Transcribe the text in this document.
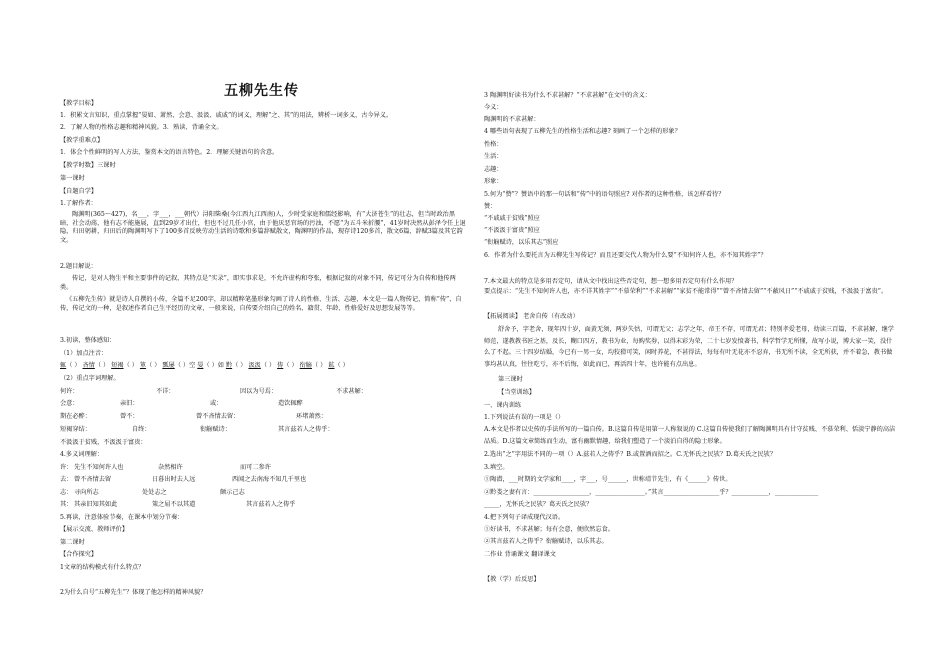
五柳先生传
【教学目标】
1．积累文言知识，重点掌握“晏如、萧然、会意、汲汲、戚戚”的词义，理解“之、其”的用法，辨析一词多义、古今异义。
2．了解人物的性格志趣和精神风貌。3．熟读、背诵全文。
【教学重难点】
1．体会个性鲜明的写人方法，鉴赏本文的语言特色。2．理解关键语句的含意。
【教学时数】三课时
第一课时
【自题自学】
1.了解作者：
陶渊明(365～427)，名___，字___，___朝代）浔阳柴桑(今江西九江西南)人，少时受家庭和儒经影响，有“大济苍生”的壮志，但当时政治黑暗，社会动荡，他有志不能施展，直到29岁才出仕，但也不过几任小官，由于他厌恶官场的污浊，不愿“为五斗米折腰”，41岁时决然从彭泽令任上退隐，归田躬耕，归田后的陶渊明写下了100多首反映劳动生活的诗歌和多篇辞赋散文，陶渊明的作品，现存诗120多首，散文6篇，辞赋3篇及其它韵文。
2.题目解说：
传记，是对人物生平和主要事件的记叙，其特点是“实录”，即实事求是，不允许虚构和夸张，根据记叙的对象不同，传记可分为自传和他传两类。
《五柳先生传》就是诗人自撰的小传，全篇不足200字，却以精粹笔墨形象勾画了诗人的性格、生活、志趣，本文是一篇人物传记，简称“传”，自传，传记文的一种，是叙述作者自己生平经历的文章，一般来说，自传要介绍自己的姓名、籍贯、年龄、性格爱好及思想发展等等。
3.初读，整体感知：
（1）加点注音：
辄（ ） 吝情（ ） 短褐（ ） 箪（ ） 瓢屡（ ）空 晏（ ）如 黔（ ） 汲汲（ ） 俦（ ） 衔觞（ ） 鈜（ ）
（2）重点字词理解。
何许：	不详：	因以为号焉：	不求甚解：
会意：	亲旧：	或：	造饮辄醉
期在必醉：	曾不：	曾不吝情去留：	环堵萧然：
短褐穿结：	自终：	衔觞赋诗：	其言兹若人之俦乎：
不汲汲于贫贱，不汲汲于富贵：
4.多义词理解：
许： 先生不知何许人也	杂然相许	而可二参许
去： 曾不吝情去留	日暮出时去人远	西闻之去南海不知几千里也
志： 寻向所志	处处志之	颇示己志
其： 其亲旧知其如此	策之屈不以其道	其言兹若人之俦乎
5.再读，注意体验节奏，在课本中划分节奏：
【展示交流、教师评价】
第二课时
【合作探究】
1文章的结构模式有什么特点？
2为什么自号“五柳先生”？体现了他怎样的精神风貌？
3 陶渊明好读书为什么不求甚解？“不求甚解”在文中的含义：
今义：
陶渊明的不求甚解：
4 哪些语句表现了五柳先生的性格生活和志趣? 刻画了一个怎样的形象？
性格：
生活：
志趣：
形象：
5.何为“赞”？赞语中的那一句话和“传”中的语句照应? 对作者的这种性格，该怎样看待？
赞：
“不戚戚于贫贱”照应
“不汲汲于富贵”照应
“衔觞赋诗，以乐其志”照应
6．作者为什么要托言为五柳先生写传记？而且还要交代人物为什么要“不知何许人也，亦不知其姓字”？
7.本文最大的特点是多用否定句，请从文中找出这些否定句，想一想多用否定句有什么作用？
要点提示：“先生不知何许人也，亦不详其姓字”“不慕荣利”“不求甚解”“家贫不能常得”“曾不吝情去留”“不蔽风日”“不戚戚于贫贱，不汲汲于富贵”。
【拓展阅读】 老舍自传（有改动）
舒舍予，字老舍，现年四十岁，面黄无须，两岁失怙，可谓无父；志学之年，帝王不存，可谓无君；特别孝爱老母，幼读三百篇，不求甚解，继学师范，遂教教书匠之基，及长，糊口四方，教书为业，每购奖券，以得末彩为荣，二十七岁发愤著书，科学哲学无所懂，故写小说，博大家一笑，没什么了不起。三十四岁结婚，今已有一男一女，均狡猾可笑，闲时养花，不甚得法，每每有叶无花亦不忍弃，书无所不读，全无所获，并不着急，教书做事均甚认真，往往吃亏，亦不后悔，如此而已，再活四十年，也许能有点出息。
第三课时
【当堂训练】
一、课内训练
1.下列说法有误的一项是（）
A.本文是作者以史传的手法所写的一篇自传。B.这篇自传是用第一人称叙说的 C.这篇自传使我们了解陶渊明具有甘守贫贱、不慕荣利、恬淡宁静的高洁品质。D.这篇文章简练而生动，富有幽默情趣，给我们塑造了一个淡泊自得的隐士形象。
2.选出“之”字用法不同的一项（）A.兹若人之俦乎？B.或置酒而招之。C.无怀氏之民欤？D.葛天氏之民欤？
3.填空。
①陶潜，___时期的文学家和____，字___，号______，世称靖节先生，有《______》传世。
②黔娄之妻有言：__________________，________________。”其言__________________乎？____________，______________
_____，无怀氏之民欤？葛天氏之民欤？
4.把下列句子译成现代汉语。
①好读书，不求甚解；每有会意，便欣然忘食。
②其言兹若人之俦乎？衔觞赋诗，以乐其志。
二作业 背诵课文 翻译课文
【教（学）后反思】
